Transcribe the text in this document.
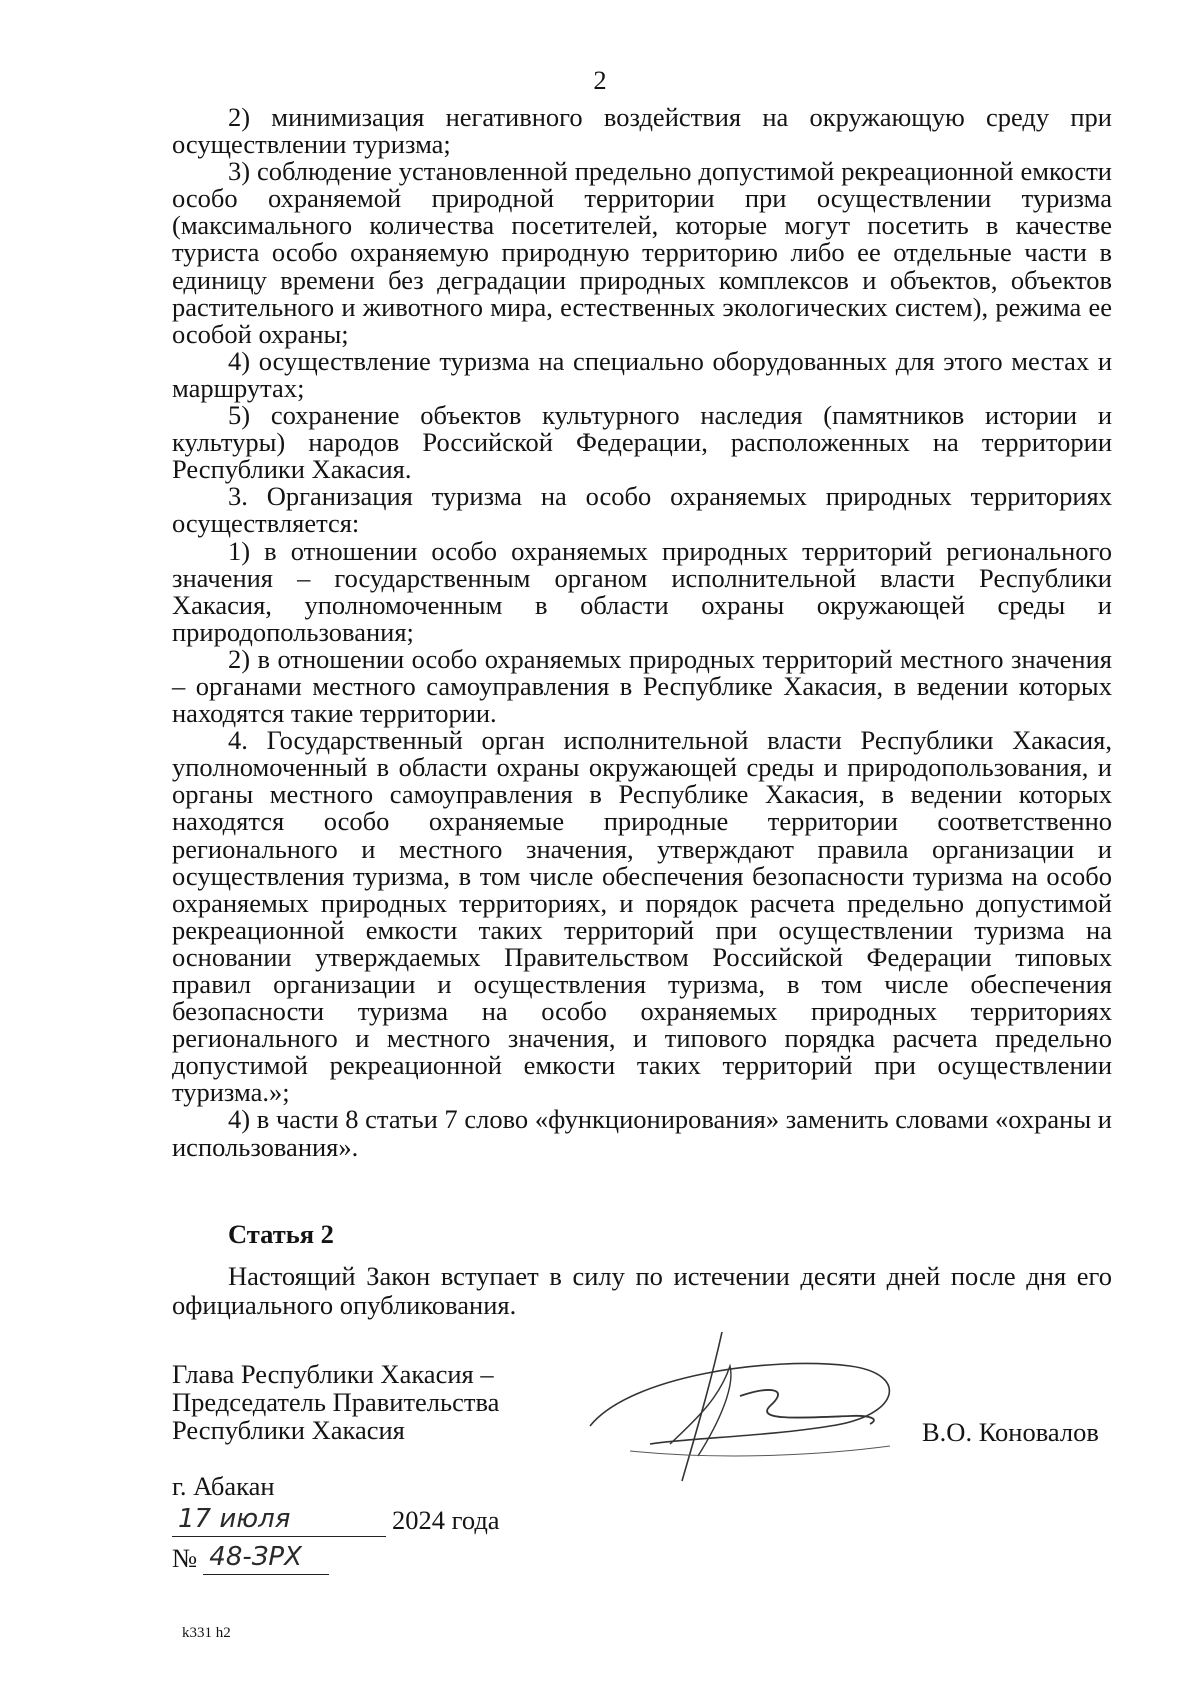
2

2) минимизация негативного воздействия на окружающую среду при осуществлении туризма;

3) соблюдение установленной предельно допустимой рекреационной емкости особо охраняемой природной территории при осуществлении туризма (максимального количества посетителей, которые могут посетить в качестве туриста особо охраняемую природную территорию либо ее отдельные части в единицу времени без деградации природных комплексов и объектов, объектов растительного и животного мира, естественных экологических систем), режима ее особой охраны;

4) осуществление туризма на специально оборудованных для этого местах и маршрутах;

5) сохранение объектов культурного наследия (памятников истории и культуры) народов Российской Федерации, расположенных на территории Республики Хакасия.

3. Организация туризма на особо охраняемых природных территориях осуществляется:

1) в отношении особо охраняемых природных территорий регионального значения – государственным органом исполнительной власти Республики Хакасия, уполномоченным в области охраны окружающей среды и природопользования;

2) в отношении особо охраняемых природных территорий местного значения – органами местного самоуправления в Республике Хакасия, в ведении которых находятся такие территории.

4. Государственный орган исполнительной власти Республики Хакасия, уполномоченный в области охраны окружающей среды и природопользования, и органы местного самоуправления в Республике Хакасия, в ведении которых находятся особо охраняемые природные территории соответственно регионального и местного значения, утверждают правила организации и осуществления туризма, в том числе обеспечения безопасности туризма на особо охраняемых природных территориях, и порядок расчета предельно допустимой рекреационной емкости таких территорий при осуществлении туризма на основании утверждаемых Правительством Российской Федерации типовых правил организации и осуществления туризма, в том числе обеспечения безопасности туризма на особо охраняемых природных территориях регионального и местного значения, и типового порядка расчета предельно допустимой рекреационной емкости таких территорий при осуществлении туризма.»;

4) в части 8 статьи 7 слово «функционирования» заменить словами «охраны и использования».

Статья 2

Настоящий Закон вступает в силу по истечении десяти дней после дня его официального опубликования.

Глава Республики Хакасия –
Председатель Правительства
Республики Хакасия	В.О. Коновалов
г. Абакан
17 июля	2024 года
№ 48-ЗРХ
k331 h2
